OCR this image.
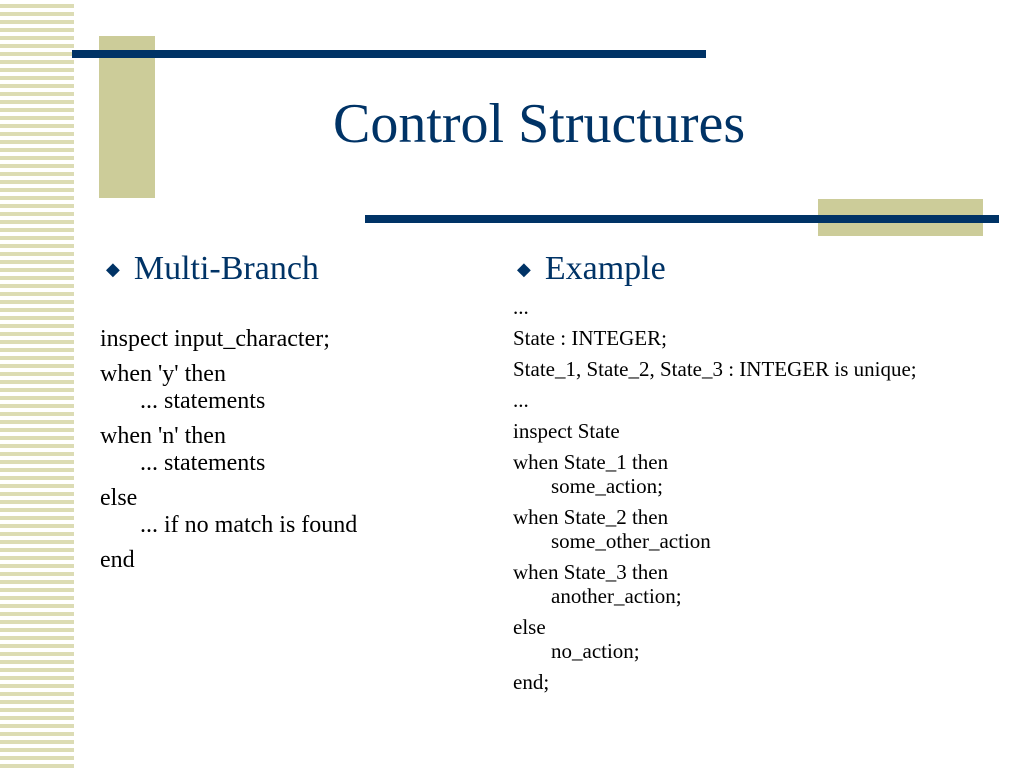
Control Structures
◆ Multi-Branch
inspect input_character;
when 'y' then
... statements
when 'n' then
... statements
else
... if no match is found
end
◆ Example
...
State : INTEGER;
State_1, State_2, State_3 : INTEGER is unique;
...
inspect State
when State_1 then
some_action;
when State_2 then
some_other_action
when State_3 then
another_action;
else
no_action;
end;
